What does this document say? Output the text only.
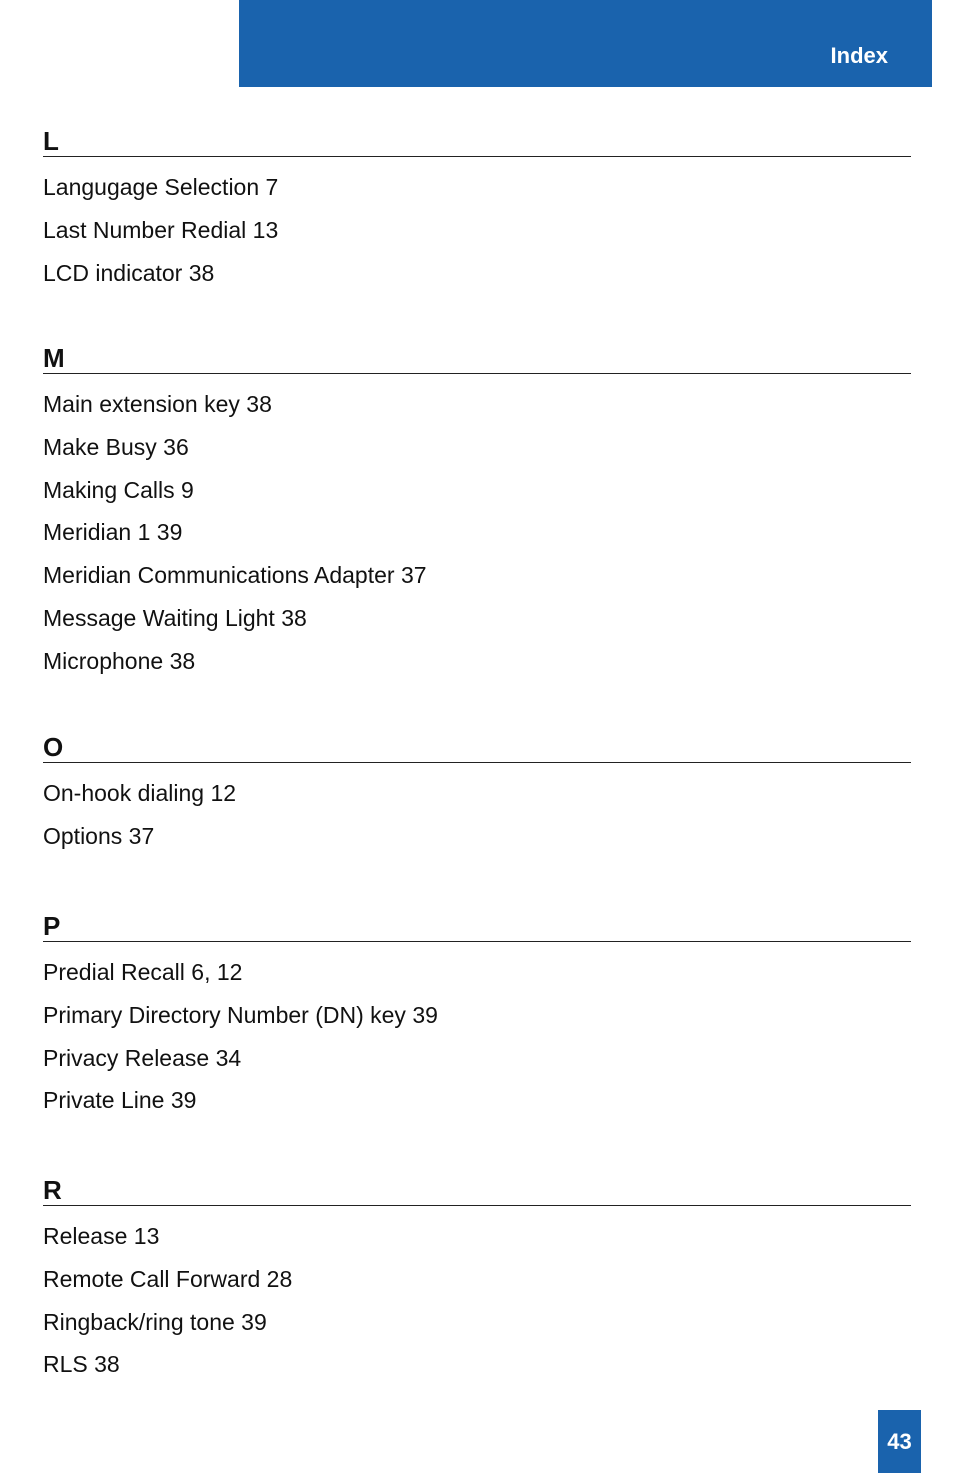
Index
L
Langugage Selection 7
Last Number Redial 13
LCD indicator 38
M
Main extension key 38
Make Busy 36
Making Calls 9
Meridian 1 39
Meridian Communications Adapter 37
Message Waiting Light 38
Microphone 38
O
On-hook dialing 12
Options 37
P
Predial Recall 6, 12
Primary Directory Number (DN) key 39
Privacy Release 34
Private Line 39
R
Release 13
Remote Call Forward 28
Ringback/ring tone 39
RLS 38
43
